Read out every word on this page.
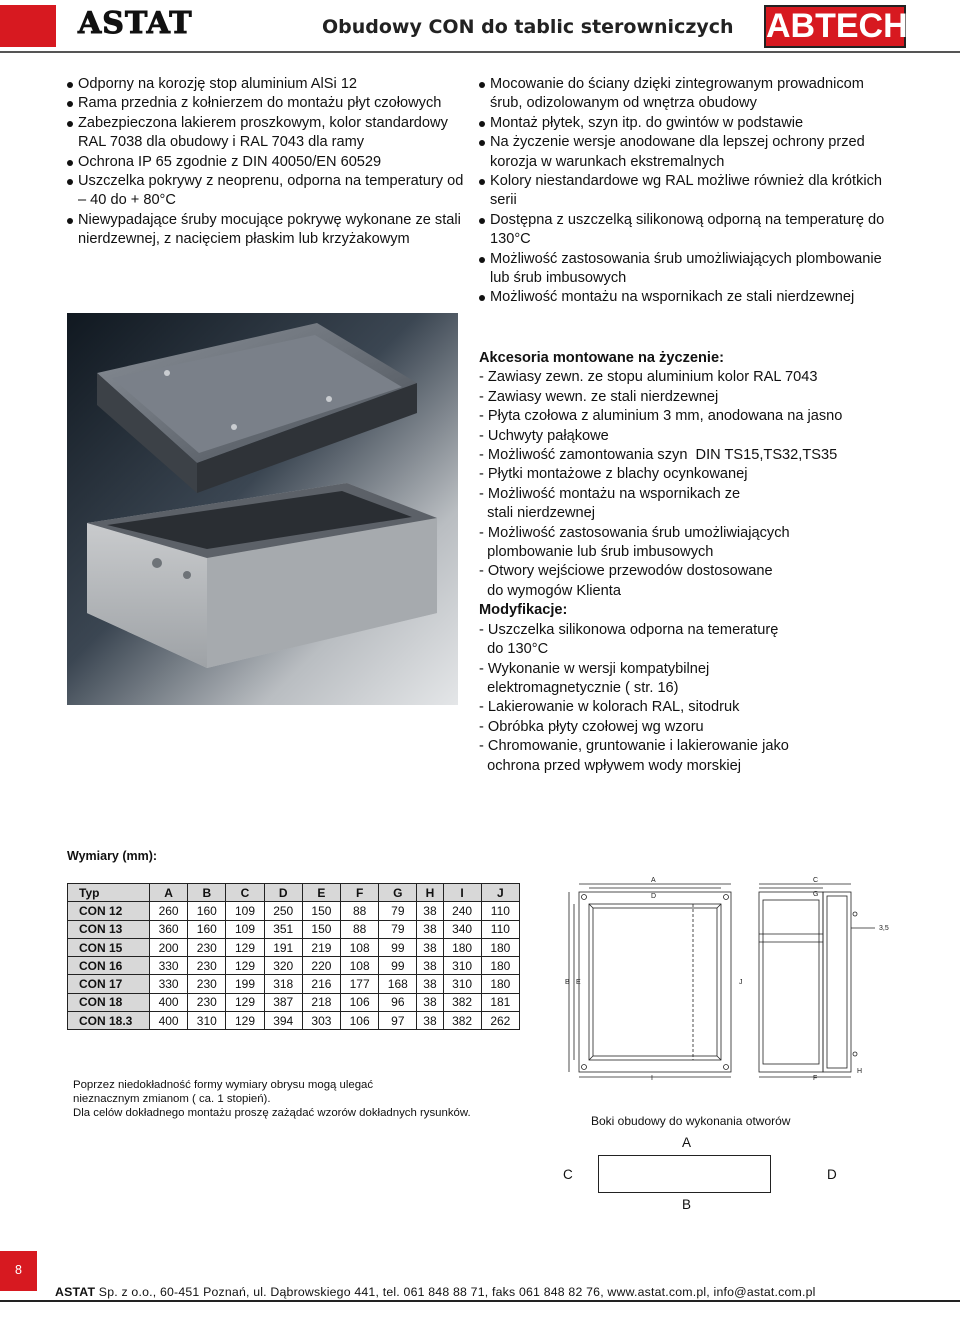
ASTAT	Obudowy CON do tablic sterowniczych ABTECH
Odporny na korozję stop aluminium AlSi 12
Rama przednia z kołnierzem do montażu płyt czołowych
Zabezpieczona lakierem proszkowym, kolor standardowy RAL 7038 dla obudowy i RAL 7043 dla ramy
Ochrona IP 65 zgodnie z DIN 40050/EN 60529
Uszczelka pokrywy z neoprenu, odporna na temperatury od – 40 do + 80°C
Niewypadające śruby mocujące pokrywę wykonane ze stali nierdzewnej, z nacięciem płaskim lub krzyżakowym
Mocowanie do ściany dzięki zintegrowanym prowadnicom śrub, odizolowanym od wnętrza obudowy
Montaż płytek, szyn itp. do gwintów w podstawie
Na życzenie wersje anodowane dla lepszej ochrony przed korozja w warunkach ekstremalnych
Kolory niestandardowe wg RAL możliwe również dla krótkich serii
Dostępna z uszczelką silikonową odporną na temperaturę do 130°C
Możliwość zastosowania śrub umożliwiających plombowanie lub śrub imbusowych
Możliwość montażu na wspornikach ze stali nierdzewnej
Akcesoria montowane na życzenie:
- Zawiasy zewn. ze stopu aluminium kolor RAL 7043
- Zawiasy wewn. ze stali nierdzewnej
- Płyta czołowa z aluminium 3 mm, anodowana na jasno
- Uchwyty pałąkowe
- Możliwość zamontowania szyn  DIN TS15,TS32,TS35
- Płytki montażowe z blachy ocynkowanej
- Możliwość montażu na wspornikach ze
stali nierdzewnej
- Możliwość zastosowania śrub umożliwiających
plombowanie lub śrub imbusowych
- Otwory wejściowe przewodów dostosowane
do wymogów Klienta
Modyfikacje:
- Uszczelka silikonowa odporna na temeraturę
do 130°C
- Wykonanie w wersji kompatybilnej
elektromagnetycznie ( str. 16)
- Lakierowanie w kolorach RAL, sitodruk
- Obróbka płyty czołowej wg wzoru
- Chromowanie, gruntowanie i lakierowanie jako
ochrona przed wpływem wody morskiej
Wymiary (mm):
Typ	A	B	C	D	E	F	G	H	I	J
CON 12	260	160	109	250	150	88	79	38	240	110
CON 13	360	160	109	351	150	88	79	38	340	110
CON 15	200	230	129	191	219	108	99	38	180	180
CON 16	330	230	129	320	220	108	99	38	310	180
CON 17	330	230	199	318	216	177	168	38	310	180
CON 18	400	230	129	387	218	106	96	38	382	181
CON 18.3	400	310	129	394	303	106	97	38	382	262
Poprzez niedokładność formy wymiary obrysu mogą ulegać
nieznacznym zmianom ( ca. 1 stopień).
Dla celów dokładnego montażu proszę zażądać wzorów dokładnych rysunków.
A
D
C
G
B E	J
I	F
H
3,5
Boki obudowy do wykonania otworów
A
C	D
B
8
ASTAT Sp. z o.o., 60-451 Poznań, ul. Dąbrowskiego 441, tel. 061 848 88 71, faks 061 848 82 76, www.astat.com.pl, info@astat.com.pl
